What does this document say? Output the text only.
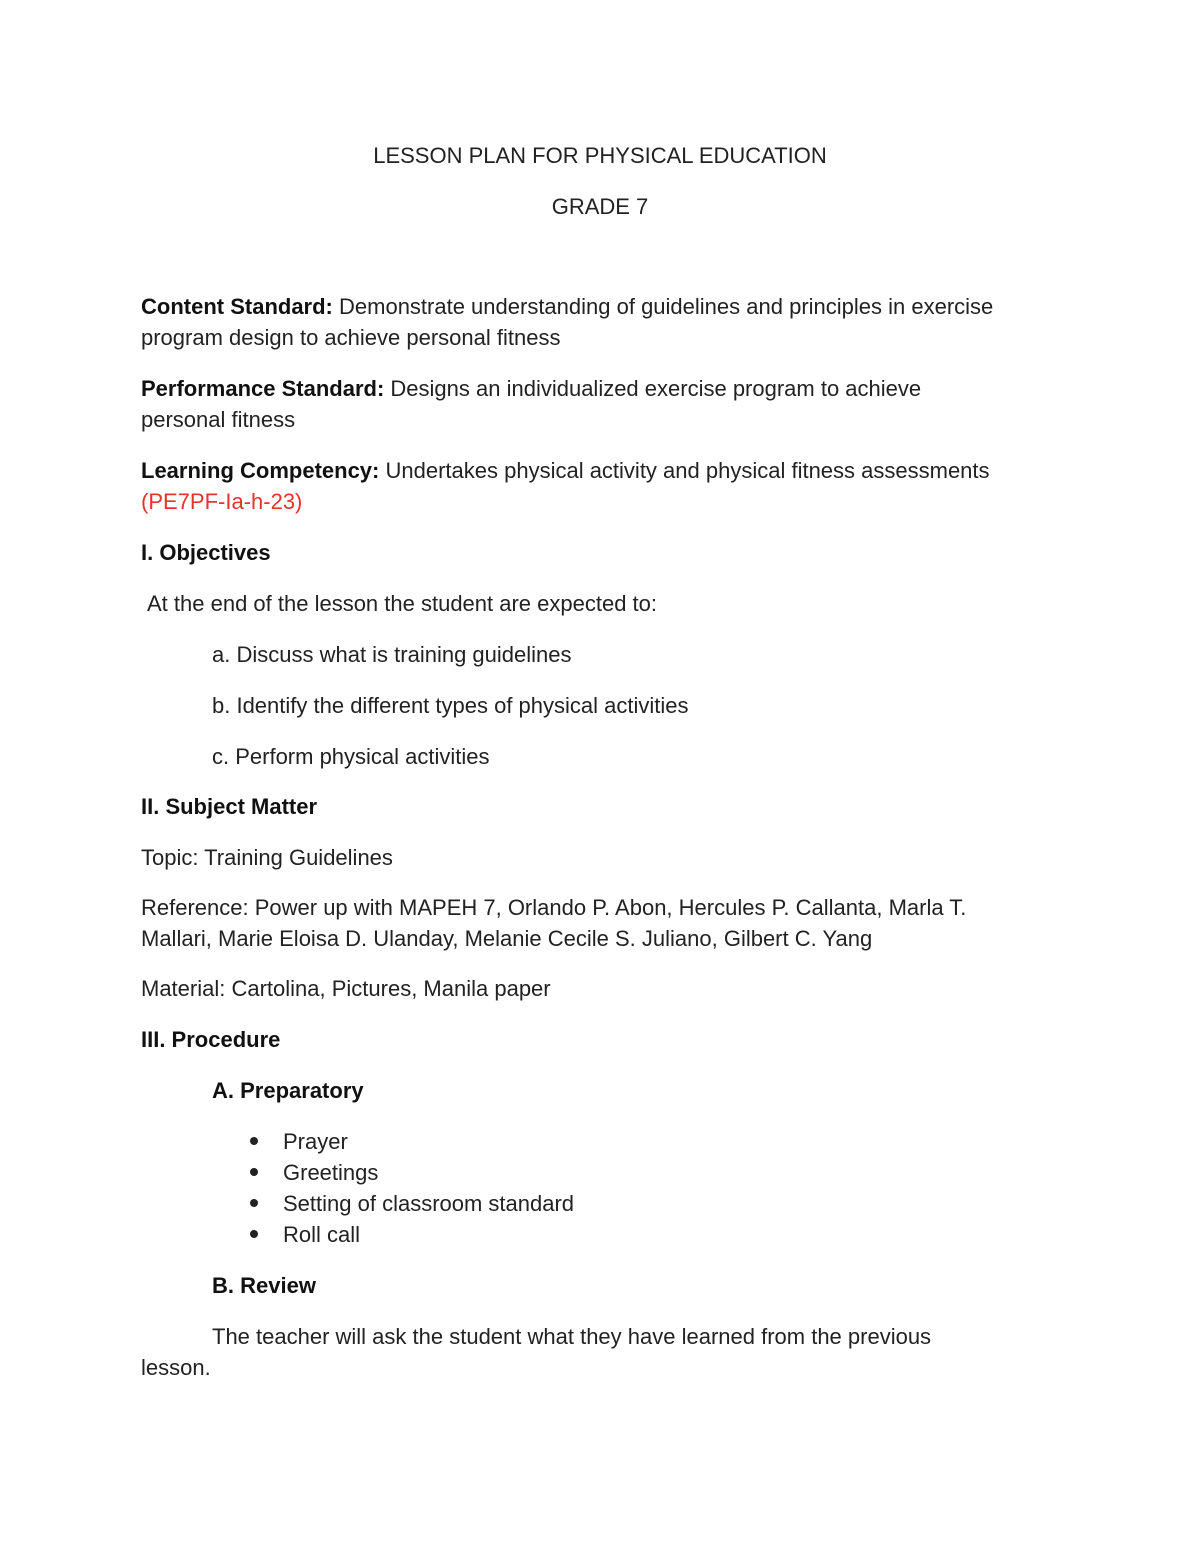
LESSON PLAN FOR PHYSICAL EDUCATION
GRADE 7
Content Standard: Demonstrate understanding of guidelines and principles in exercise
program design to achieve personal fitness
Performance Standard: Designs an individualized exercise program to achieve
personal fitness
Learning Competency: Undertakes physical activity and physical fitness assessments
(PE7PF-Ia-h-23)
I. Objectives
At the end of the lesson the student are expected to:
a. Discuss what is training guidelines
b. Identify the different types of physical activities
c. Perform physical activities
II. Subject Matter
Topic: Training Guidelines
Reference: Power up with MAPEH 7, Orlando P. Abon, Hercules P. Callanta, Marla T.
Mallari, Marie Eloisa D. Ulanday, Melanie Cecile S. Juliano, Gilbert C. Yang
Material: Cartolina, Pictures, Manila paper
III. Procedure
A. Preparatory
Prayer
Greetings
Setting of classroom standard
Roll call
B. Review
The teacher will ask the student what they have learned from the previous
lesson.
